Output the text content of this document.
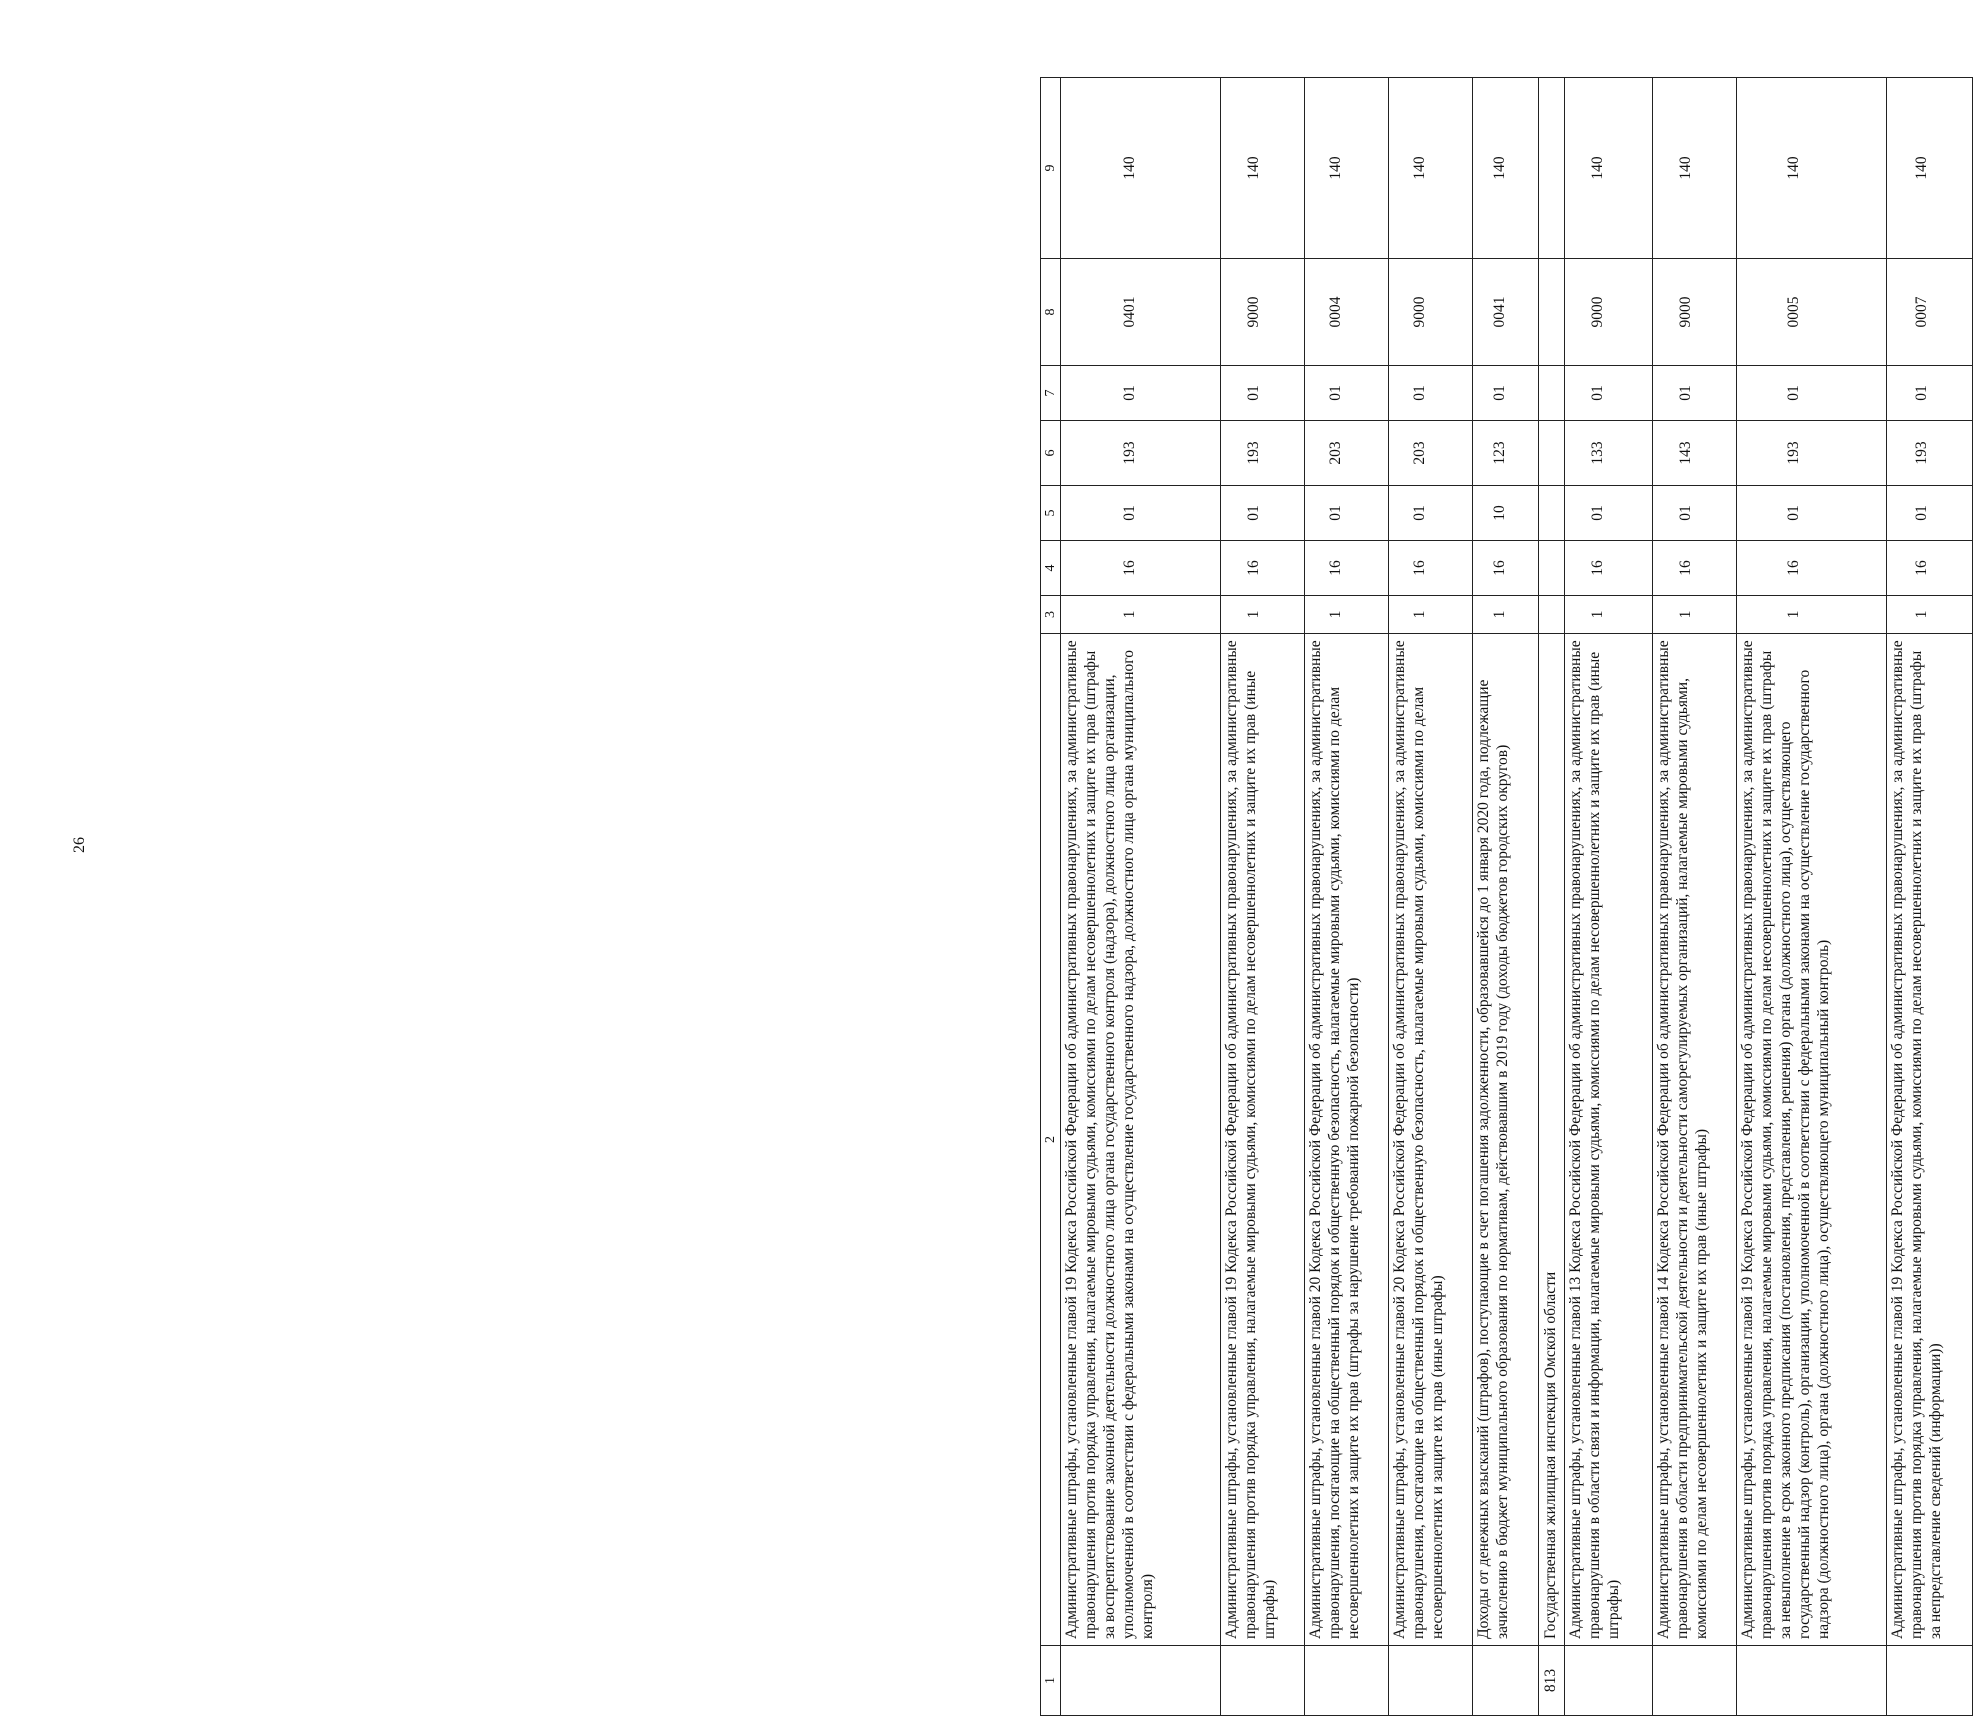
26
1	2	3	4	5	6	7	8	9
	Административные штрафы, установленные главой 19 Кодекса Российской Федерации об административных правонарушениях, за административные правонарушения против порядка управления, налагаемые мировыми судьями, комиссиями по делам несовершеннолетних и защите их прав (штрафы за воспрепятствование законной деятельности должностного лица органа государственного контроля (надзора), должностного лица организации, уполномоченной в соответствии с федеральными законами на осуществление государственного надзора, должностного лица органа муниципального контроля)	1	16	01	193	01	0401	140
	Административные штрафы, установленные главой 19 Кодекса Российской Федерации об административных правонарушениях, за административные правонарушения против порядка управления, налагаемые мировыми судьями, комиссиями по делам несовершеннолетних и защите их прав (иные штрафы)	1	16	01	193	01	9000	140
	Административные штрафы, установленные главой 20 Кодекса Российской Федерации об административных правонарушениях, за административные правонарушения, посягающие на общественный порядок и общественную безопасность, налагаемые мировыми судьями, комиссиями по делам несовершеннолетних и защите их прав (штрафы за нарушение требований пожарной безопасности)	1	16	01	203	01	0004	140
	Административные штрафы, установленные главой 20 Кодекса Российской Федерации об административных правонарушениях, за административные правонарушения, посягающие на общественный порядок и общественную безопасность, налагаемые мировыми судьями, комиссиями по делам несовершеннолетних и защите их прав (иные штрафы)	1	16	01	203	01	9000	140
	Доходы от денежных взысканий (штрафов), поступающие в счет погашения задолженности, образовавшейся до 1 января 2020 года, подлежащие зачислению в бюджет муниципального образования по нормативам, действовавшим в 2019 году (доходы бюджетов городских округов)	1	16	10	123	01	0041	140
813	Государственная жилищная инспекция Омской области							
	Административные штрафы, установленные главой 13 Кодекса Российской Федерации об административных правонарушениях, за административные правонарушения в области связи и информации, налагаемые мировыми судьями, комиссиями по делам несовершеннолетних и защите их прав (иные штрафы)	1	16	01	133	01	9000	140
	Административные штрафы, установленные главой 14 Кодекса Российской Федерации об административных правонарушениях, за административные правонарушения в области предпринимательской деятельности и деятельности саморегулируемых организаций, налагаемые мировыми судьями, комиссиями по делам несовершеннолетних и защите их прав (иные штрафы)	1	16	01	143	01	9000	140
	Административные штрафы, установленные главой 19 Кодекса Российской Федерации об административных правонарушениях, за административные правонарушения против порядка управления, налагаемые мировыми судьями, комиссиями по делам несовершеннолетних и защите их прав (штрафы за невыполнение в срок законного предписания (постановления, представления, решения) органа (должностного лица), осуществляющего государственный надзор (контроль), организации, уполномоченной в соответствии с федеральными законами на осуществление государственного надзора (должностного лица), органа (должностного лица), осуществляющего муниципальный контроль)	1	16	01	193	01	0005	140
	Административные штрафы, установленные главой 19 Кодекса Российской Федерации об административных правонарушениях, за административные правонарушения против порядка управления, налагаемые мировыми судьями, комиссиями по делам несовершеннолетних и защите их прав (штрафы за непредставление сведений (информации))	1	16	01	193	01	0007	140
